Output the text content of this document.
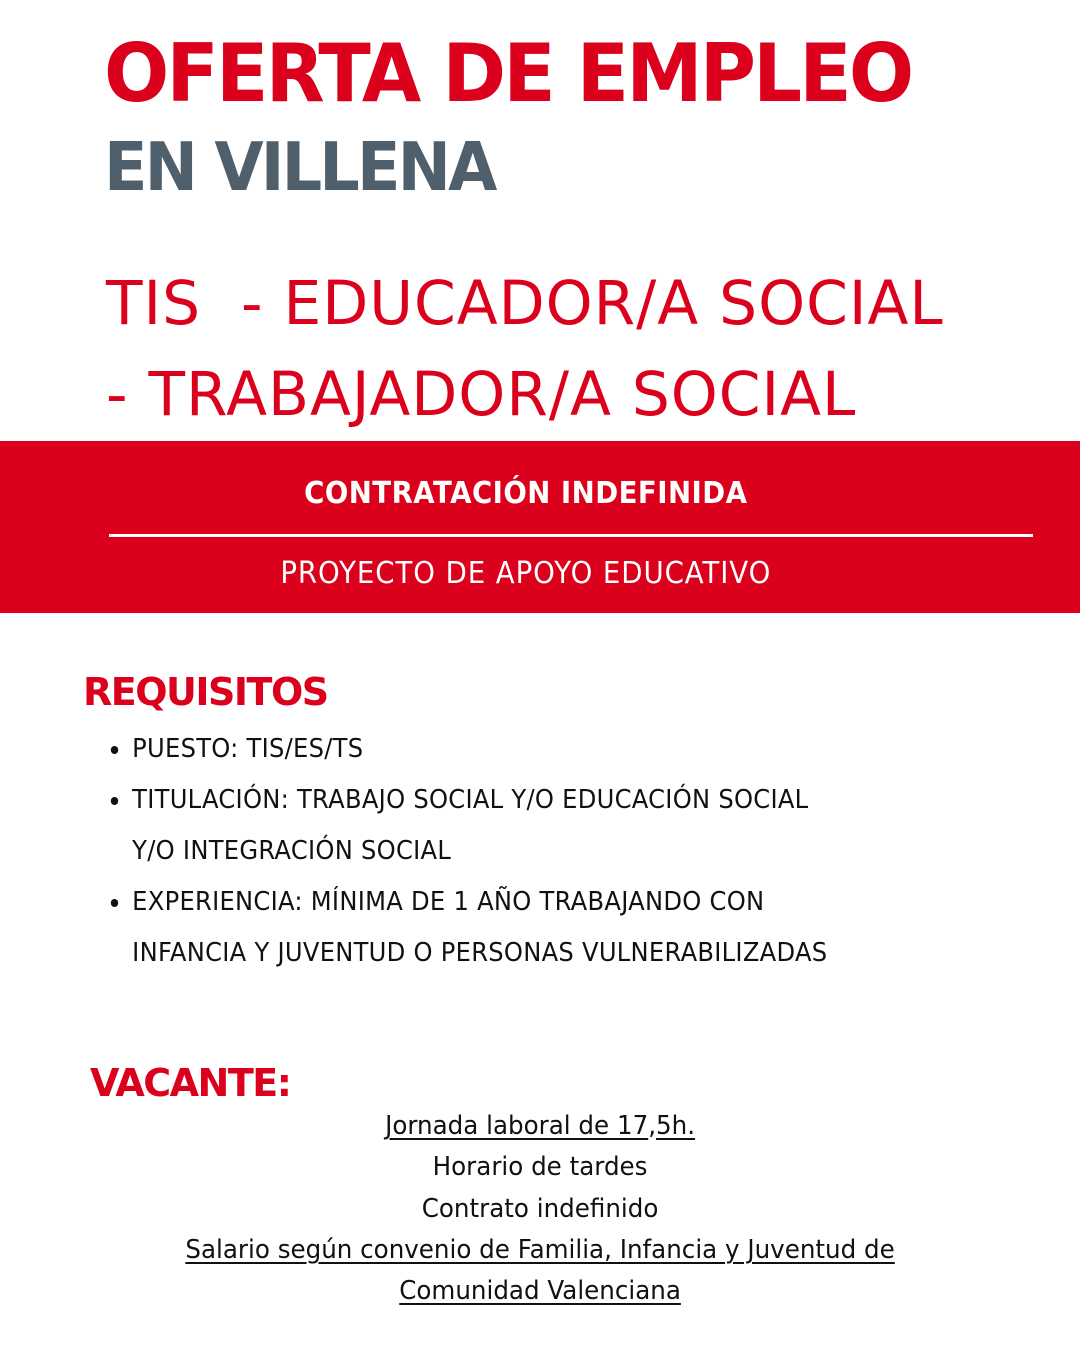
OFERTA DE EMPLEO
EN VILLENA
TIS  - EDUCADOR/A SOCIAL
- TRABAJADOR/A SOCIAL
CONTRATACIÓN INDEFINIDA
PROYECTO DE APOYO EDUCATIVO
REQUISITOS
PUESTO: TIS/ES/TS
TITULACIÓN: TRABAJO SOCIAL Y/O EDUCACIÓN SOCIAL
Y/O INTEGRACIÓN SOCIAL
EXPERIENCIA: MÍNIMA DE 1 AÑO TRABAJANDO CON
INFANCIA Y JUVENTUD O PERSONAS VULNERABILIZADAS
VACANTE:
Jornada laboral de 17,5h.
Horario de tardes
Contrato indefinido
Salario según convenio de Familia, Infancia y Juventud de
Comunidad Valenciana
